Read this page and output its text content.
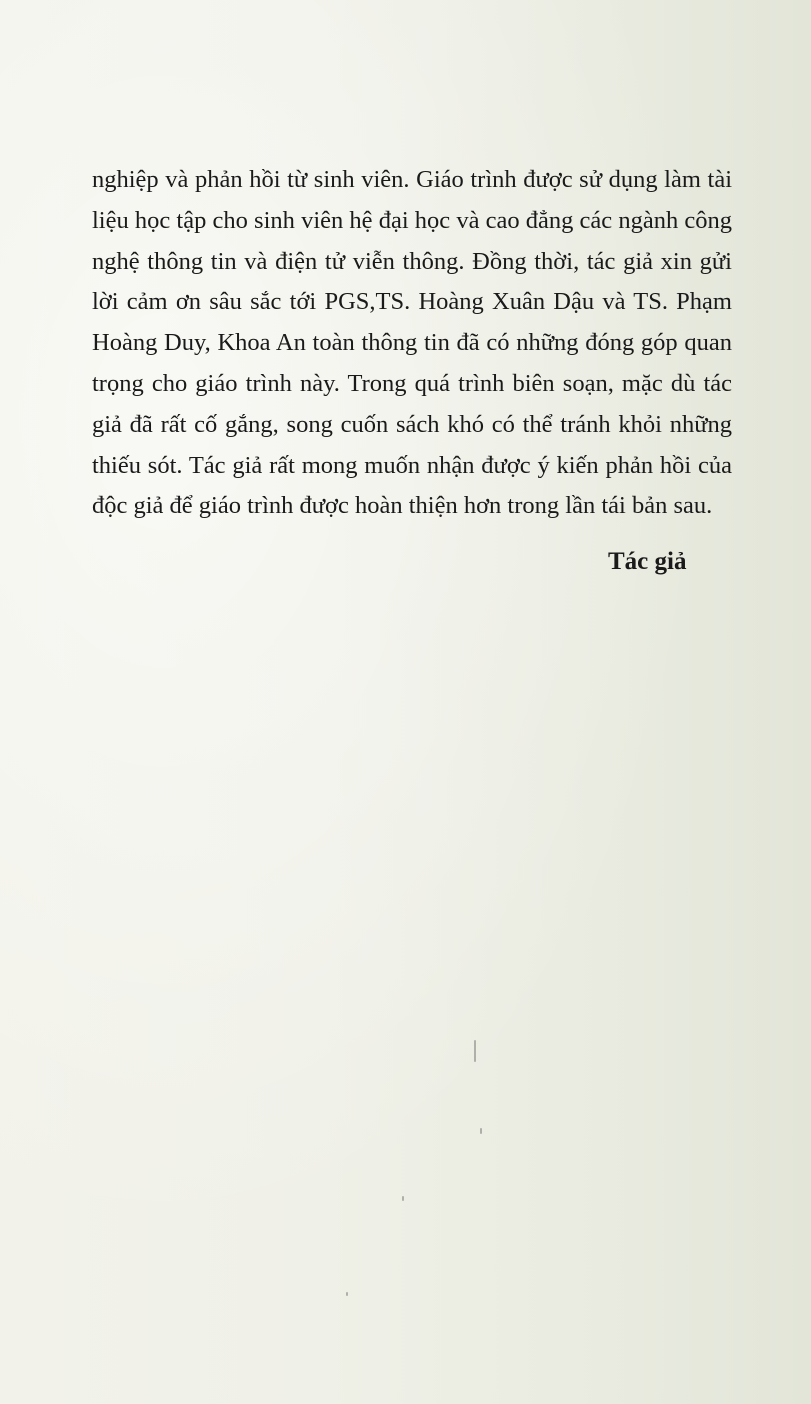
nghiệp và phản hồi từ sinh viên. Giáo trình được sử dụng làm tài liệu học tập cho sinh viên hệ đại học và cao đẳng các ngành công nghệ thông tin và điện tử viễn thông. Đồng thời, tác giả xin gửi lời cảm ơn sâu sắc tới PGS,TS. Hoàng Xuân Dậu và TS. Phạm Hoàng Duy, Khoa An toàn thông tin đã có những đóng góp quan trọng cho giáo trình này. Trong quá trình biên soạn, mặc dù tác giả đã rất cố gắng, song cuốn sách khó có thể tránh khỏi những thiếu sót. Tác giả rất mong muốn nhận được ý kiến phản hồi của độc giả để giáo trình được hoàn thiện hơn trong lần tái bản sau.

Tác giả
